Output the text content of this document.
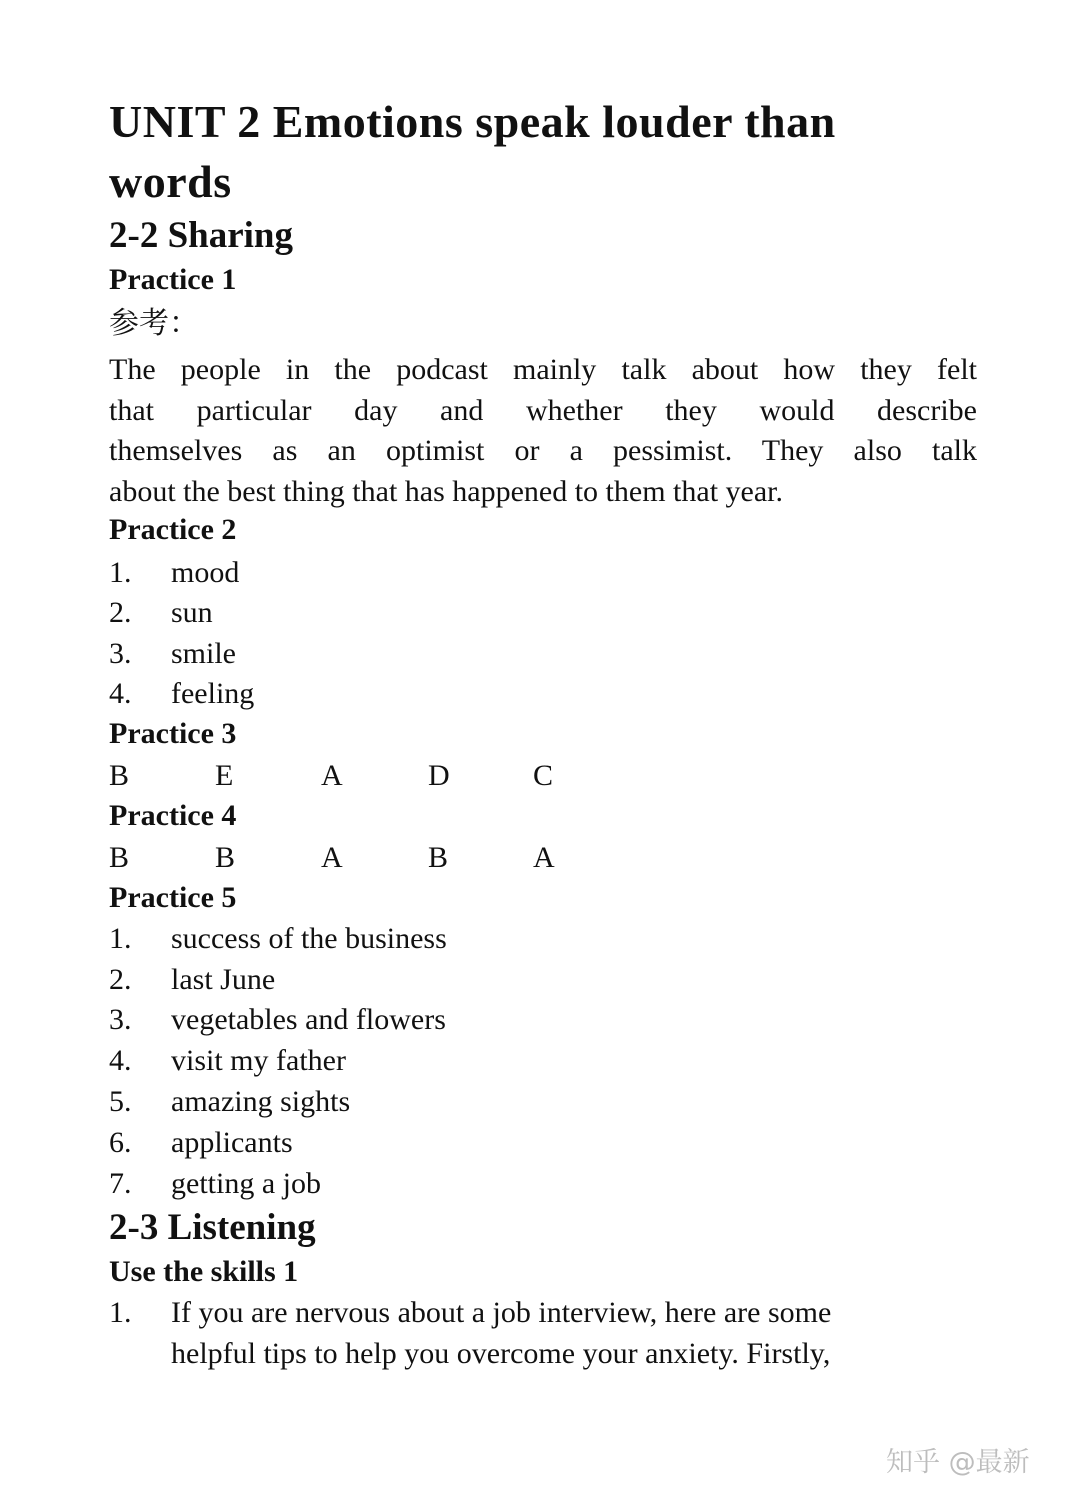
UNIT 2 Emotions speak louder than words
2-2 Sharing
Practice 1
参考：
The people in the podcast mainly talk about how they felt
that particular day and whether they would describe
themselves as an optimist or a pessimist. They also talk
about the best thing that has happened to them that year.
Practice 2
1.	mood
2.	sun
3.	smile
4.	feeling
Practice 3
B	E	A	D	C
Practice 4
B	B	A	B	A
Practice 5
1.	success of the business
2.	last June
3.	vegetables and flowers
4.	visit my father
5.	amazing sights
6.	applicants
7.	getting a job
2-3 Listening
Use the skills 1
1.	If you are nervous about a job interview, here are some
helpful tips to help you overcome your anxiety. Firstly,
知乎 @最新
